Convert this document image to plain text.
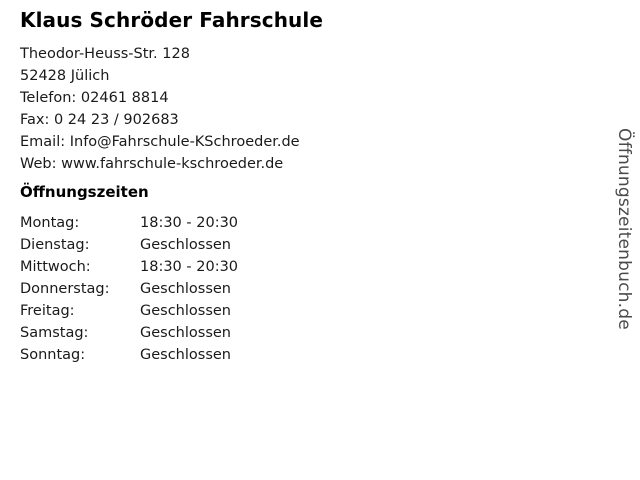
Klaus Schröder Fahrschule
Theodor-Heuss-Str. 128
52428 Jülich
Telefon: 02461 8814
Fax: 0 24 23 / 902683
Email: Info@Fahrschule-KSchroeder.de
Web: www.fahrschule-kschroeder.de
Öffnungszeiten
Montag:	18:30 - 20:30
Dienstag:	Geschlossen
Mittwoch:	18:30 - 20:30
Donnerstag:	Geschlossen
Freitag:	Geschlossen
Samstag:	Geschlossen
Sonntag:	Geschlossen
Öffnungszeitenbuch.de
